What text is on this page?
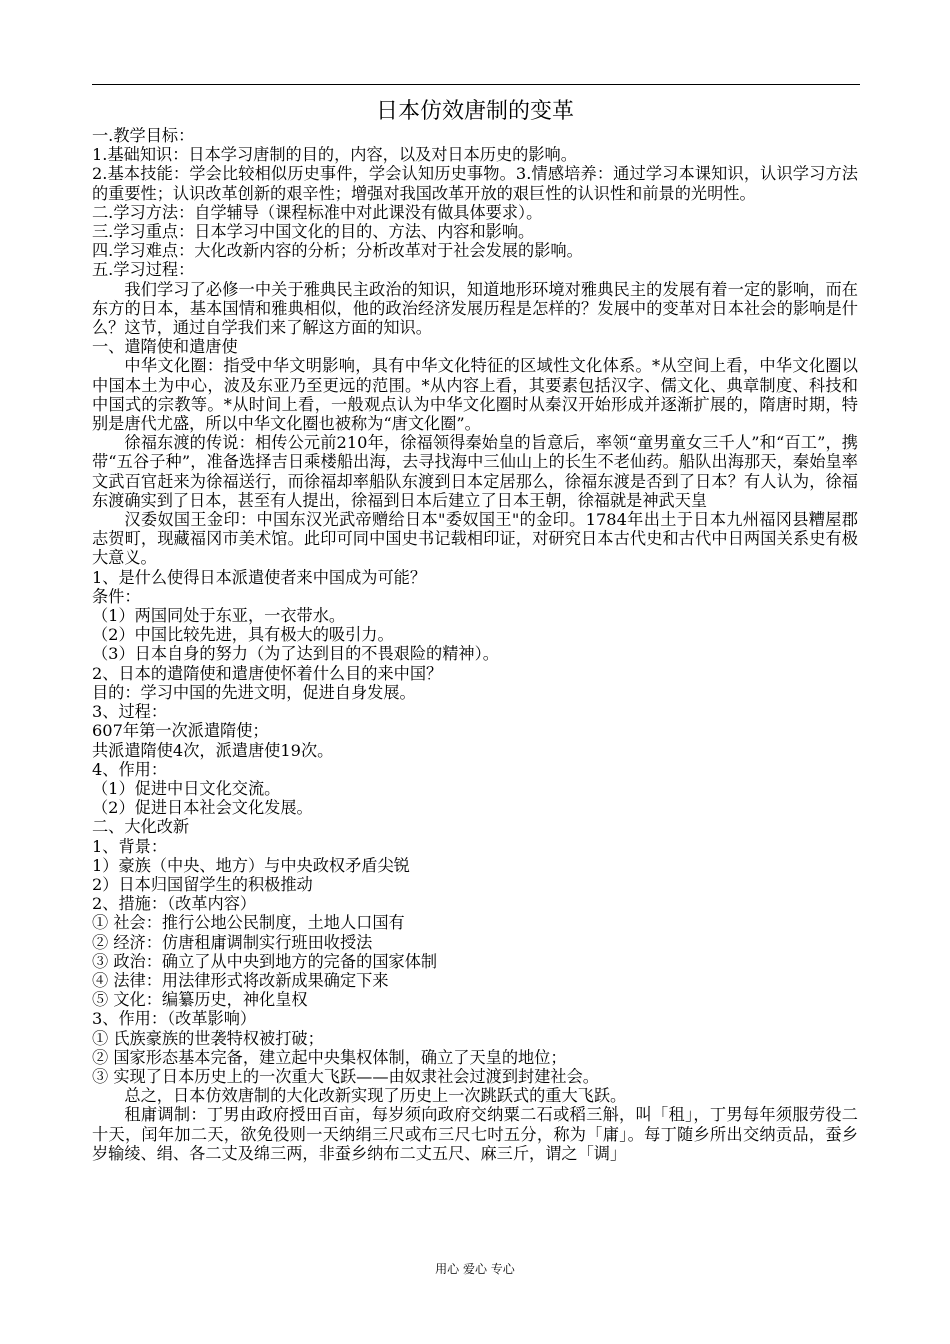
日本仿效唐制的变革

一.教学目标：

1.基础知识：日本学习唐制的目的，内容，以及对日本历史的影响。

2.基本技能：学会比较相似历史事件，学会认知历史事物。3.情感培养：通过学习本课知识，认识学习方法的重要性；认识改革创新的艰辛性；增强对我国改革开放的艰巨性的认识性和前景的光明性。

二.学习方法：自学辅导（课程标准中对此课没有做具体要求）。

三.学习重点：日本学习中国文化的目的、方法、内容和影响。

四.学习难点：大化改新内容的分析；分析改革对于社会发展的影响。

五.学习过程：

我们学习了必修一中关于雅典民主政治的知识，知道地形环境对雅典民主的发展有着一定的影响，而在东方的日本，基本国情和雅典相似，他的政治经济发展历程是怎样的？发展中的变革对日本社会的影响是什么？这节，通过自学我们来了解这方面的知识。

一、遣隋使和遣唐使

中华文化圈：指受中华文明影响，具有中华文化特征的区域性文化体系。*从空间上看，中华文化圈以中国本土为中心，波及东亚乃至更远的范围。*从内容上看，其要素包括汉字、儒文化、典章制度、科技和中国式的宗教等。*从时间上看，一般观点认为中华文化圈时从秦汉开始形成并逐渐扩展的，隋唐时期，特别是唐代尤盛，所以中华文化圈也被称为“唐文化圈”。

徐福东渡的传说：相传公元前210年，徐福领得秦始皇的旨意后，率领“童男童女三千人”和“百工”，携带“五谷子种”，准备选择吉日乘楼船出海，去寻找海中三仙山上的长生不老仙药。船队出海那天，秦始皇率文武百官赶来为徐福送行，而徐福却率船队东渡到日本定居那么，徐福东渡是否到了日本？有人认为，徐福东渡确实到了日本，甚至有人提出，徐福到日本后建立了日本王朝，徐福就是神武天皇

汉委奴国王金印：中国东汉光武帝赠给日本"委奴国王"的金印。1784年出土于日本九州福冈县糟屋郡志贺町，现藏福冈市美术馆。此印可同中国史书记载相印证，对研究日本古代史和古代中日两国关系史有极大意义。

1、是什么使得日本派遣使者来中国成为可能？

条件：

（1）两国同处于东亚，一衣带水。

（2）中国比较先进，具有极大的吸引力。

（3）日本自身的努力（为了达到目的不畏艰险的精神）。

2、日本的遣隋使和遣唐使怀着什么目的来中国？

目的：学习中国的先进文明，促进自身发展。

3、过程：

607年第一次派遣隋使；

共派遣隋使4次，派遣唐使19次。

4、作用：

（1）促进中日文化交流。

（2）促进日本社会文化发展。

二、大化改新

1、背景：

1）豪族（中央、地方）与中央政权矛盾尖锐

2）日本归国留学生的积极推动

2、措施：（改革内容）

① 社会：推行公地公民制度，土地人口国有

② 经济：仿唐租庸调制实行班田收授法

③ 政治：确立了从中央到地方的完备的国家体制

④ 法律：用法律形式将改新成果确定下来

⑤ 文化：编纂历史，神化皇权

3、作用：（改革影响）

① 氏族豪族的世袭特权被打破；

② 国家形态基本完备，建立起中央集权体制，确立了天皇的地位；

③ 实现了日本历史上的一次重大飞跃——由奴隶社会过渡到封建社会。

总之，日本仿效唐制的大化改新实现了历史上一次跳跃式的重大飞跃。

租庸调制：丁男由政府授田百亩，每岁须向政府交纳粟二石或稻三斛，叫「租」，丁男每年须服劳役二十天，闰年加二天，欲免役则一天纳绢三尺或布三尺七吋五分，称为「庸」。每丁随乡所出交纳贡品，蚕乡岁输绫、绢、各二丈及绵三两，非蚕乡纳布二丈五尺、麻三斤，谓之「调」

用心 爱心 专心
